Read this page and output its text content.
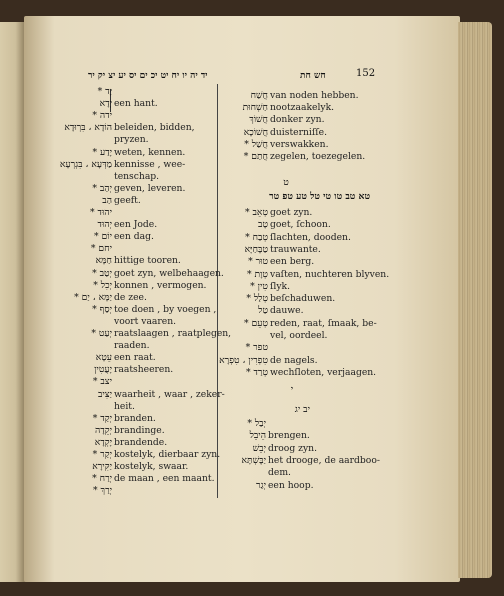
יד יה יו יח יט יכ ים יס יע יצ יק יר	חש חת	152
יָד *
יְדָא een hant.
ידה *
הוֹדָא ، בִּרְוּדָא beleiden, bidden,
pryzen.
יָדַע * weten, kennen.
מַדְּעָא ، בִּגְרְעָא kennisse , wee-
tenschap.
יְהַב * geven, leveren.
הַב geeft.
יהוּד *
יְהוּד een Jode.
יוֹם * een dag.
יחם *
חַמָּא hittige tooren.
יְטַב * goet zyn, welbehaagen.
יְכִל * konnen , vermogen.
יַמָּא ، יַם * de zee.
יְסַף * toe doen , by voegen ,
voort vaaren.
יְעַט * raatslaagen , raatplegen,
raaden.
עֵטָא een raat.
יָעֲטִין raatsheeren.
יצב *
יַצִּיב waarheit , waar , zeker-
heit.
יְקַד * branden.
יְקֵדָה brandinge.
יָקְדָא brandende.
יְקַר * kostelyk, dierbaar zyn.
יַקִּירָא kostelyk, swaar.
יְרַח * de maan , een maant.
יְרַךְ *
חֲשַׁח van noden hebben.
חַשְׁחוּת nootzaakelyk.
חֲשׁוֹךְ donker zyn.
חֲשׁוֹכָא duisterniſſe.
חֲשַׁל * verswakken.
חֲתַם * zegelen, toezegelen.
טְאֵב * goet zyn.
טָב goet, ſchoon.
טְבַח * ſlachten, dooden.
טַבָּחַיָּא trauwante.
טוּר * een berg.
טְוָת * vaſten, nuchteren blyven.
טִין * ſlyk.
טְלַל * beſchaduwen.
טַל dauwe.
טְעֵם * reden, raat, ſmaak, be-
vel, oordeel.
טפר *
טִפְרִין ، טִפְרָא de nagels.
טְרַד * wechſloten, verjaagen.
יְבַל *
הֵיבֵל brengen.
יְבֵשׁ droog zyn.
יַבֶּשְׁתָּא het drooge, de aardboo-
dem.
יְגַר een hoop.
ט
טא טב טו טי טל טע טפ טר
י
יב יג
